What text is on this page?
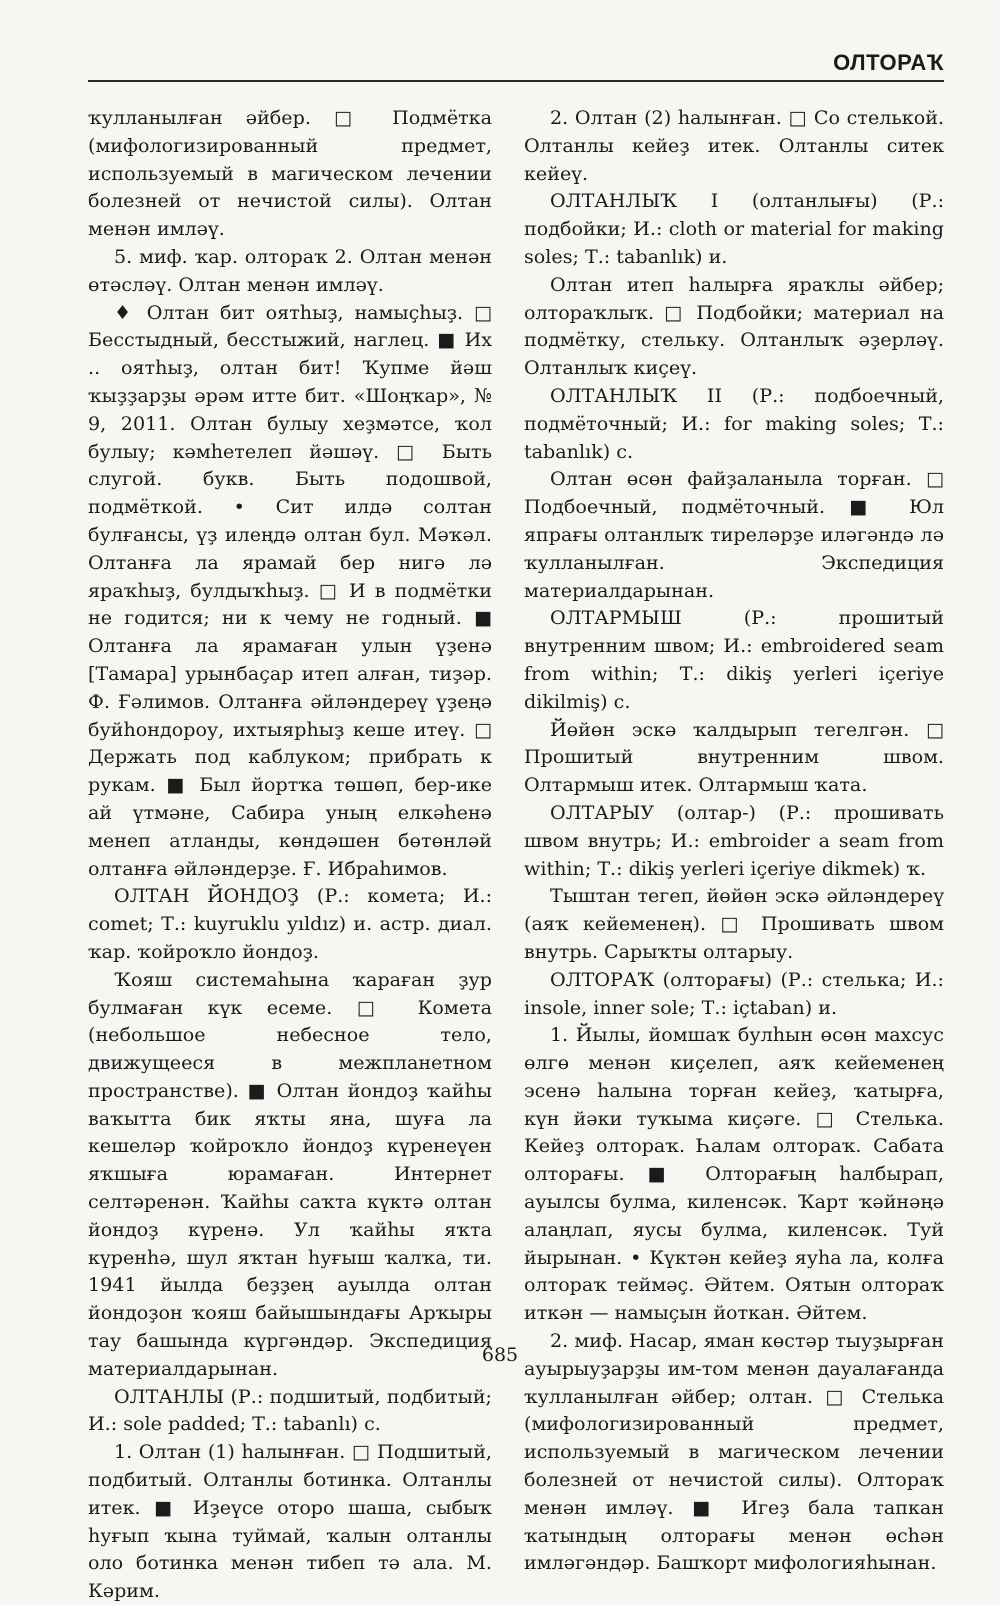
ОЛТОРАҠ

ҡулланылған әйбер. □ Подмётка (мифологизированный предмет, используемый в магическом лечении болезней от нечистой силы). Олтан менән имләү.

5. миф. ҡар. олтораҡ 2. Олтан менән өтәсләү. Олтан менән имләү.

♦ Олтан бит оятһыҙ, намыҫһыҙ. □ Бесстыдный, бесстыжий, наглец. ■ Их .. оятһыҙ, олтан бит! Ҡупме йәш ҡыҙҙарҙы әрәм итте бит. «Шоңҡар», № 9, 2011. Олтан булыу хеҙмәтсе, ҡол булыу; кәмһетелеп йәшәү. □ Быть слугой. букв. Быть подошвой, подмёткой. • Сит илдә солтан булғансы, үҙ илеңдә олтан бул. Мәҡәл. Олтанға ла ярамай бер нигә лә яраҡһыҙ, булдыҡһыҙ. □ И в подмётки не годится; ни к чему не годный. ■ Олтанға ла ярамаған улын үҙенә [Тамара] урынбаҫар итеп алған, тиҙәр. Ф. Ғәлимов. Олтанға әйләндереү үҙеңә буйһондороу, ихтыярһыҙ кеше итеү. □ Держать под каблуком; прибрать к рукам. ■ Был йортҡа төшөп, бер-ике ай үтмәне, Сабира уның елкәһенә менеп атланды, көндәшен бөтөнләй олтанға әйләндерҙе. Ғ. Ибраһимов.

ОЛТАН ЙОНДОҘ (Р.: комета; И.: comet; Т.: kuyruklu yıldız) и. астр. диал. ҡар. ҡойроҡло йондоҙ.

Ҡояш системаһына ҡараған ҙур булмаған күк есеме. □ Комета (небольшое небесное тело, движущееся в межпланетном пространстве). ■ Олтан йондоҙ ҡайһы ваҡытта бик яҡты яна, шуға ла кешеләр ҡойроҡло йондоҙ күренеүен яҡшыға юрамаған. Интернет селтәренән. Ҡайһы саҡта күктә олтан йондоҙ күренә. Ул ҡайһы яҡта күренһә, шул яҡтан һуғыш ҡалҡа, ти. 1941 йылда беҙҙең ауылда олтан йондоҙон ҡояш байышындағы Арҡыры тау башында күргәндәр. Экспедиция материалдарынан.

ОЛТАНЛЫ (Р.: подшитый, подбитый; И.: sole padded; Т.: tabanlı) с.

1. Олтан (1) һалынған. □ Подшитый, подбитый. Олтанлы ботинка. Олтанлы итек. ■ Иҙеүсе оторо шаша, сыбыҡ һуғып ҡына туймай, ҡалын олтанлы оло ботинка менән тибеп тә ала. М. Кәрим.

2. Олтан (2) һалынған. □ Со стелькой. Олтанлы кейеҙ итек. Олтанлы ситек кейеү.

ОЛТАНЛЫҠ I (олтанлығы) (Р.: подбойки; И.: cloth or material for making soles; Т.: tabanlık) и.

Олтан итеп һалырға яраҡлы әйбер; олтораҡлыҡ. □ Подбойки; материал на подмётку, стельку. Олтанлыҡ әҙерләү. Олтанлыҡ киҫеү.

ОЛТАНЛЫҠ II (Р.: подбоечный, подмёточный; И.: for making soles; Т.: tabanlık) с.

Олтан өсөн файҙаланыла торған. □ Подбоечный, подмёточный. ■ Юл япрағы олтанлыҡ тирелəрҙе илəгəндә лә ҡулланылған. Экспедиция материалдарынан.

ОЛТАРМЫШ (Р.: прошитый внутренним швом; И.: embroidered seam from within; Т.: dikiş yerleri içeriye dikilmiş) с.

Йөйөн эскә ҡалдырып тегелгән. □ Прошитый внутренним швом. Олтармыш итек. Олтармыш ҡата.

ОЛТАРЫУ (олтар-) (Р.: прошивать швом внутрь; И.: embroider a seam from within; Т.: dikiş yerleri içeriye dikmek) ҡ.

Тыштан тегеп, йөйөн эскә әйләндереү (аяҡ кейеменең). □ Прошивать швом внутрь. Сарыҡты олтарыу.

ОЛТОРАҠ (олторағы) (Р.: стелька; И.: insole, inner sole; Т.: içtaban) и.

1. Йылы, йомшаҡ булһын өсөн махсус өлгө менән киҫелеп, аяҡ кейеменең эсенә һалына торған кейеҙ, ҡатырға, күн йәки туҡыма киҫәге. □ Стелька. Кейеҙ олтораҡ. Һалам олтораҡ. Сабата олторағы. ■ Олторағың һалбырап, ауылсы булма, киленсәк. Ҡарт ҡәйнәңә алаңлап, яусы булма, киленсәк. Туй йырынан. • Күктән кейеҙ яуһа ла, колға олтораҡ теймәҫ. Әйтем. Оятын олтораҡ иткән — намыҫын йоткан. Әйтем.

2. миф. Насар, яман көстәр тыуҙырған ауырыуҙарҙы им-том менән дауалағанда ҡулланылған әйбер; олтан. □ Стелька (мифологизированный предмет, используемый в магическом лечении болезней от нечистой силы). Олтораҡ менән имләү. ■ Игеҙ бала тапкан ҡатындың олторағы менән өсһән имләгәндәр. Башҡорт мифологияһынан.

685
